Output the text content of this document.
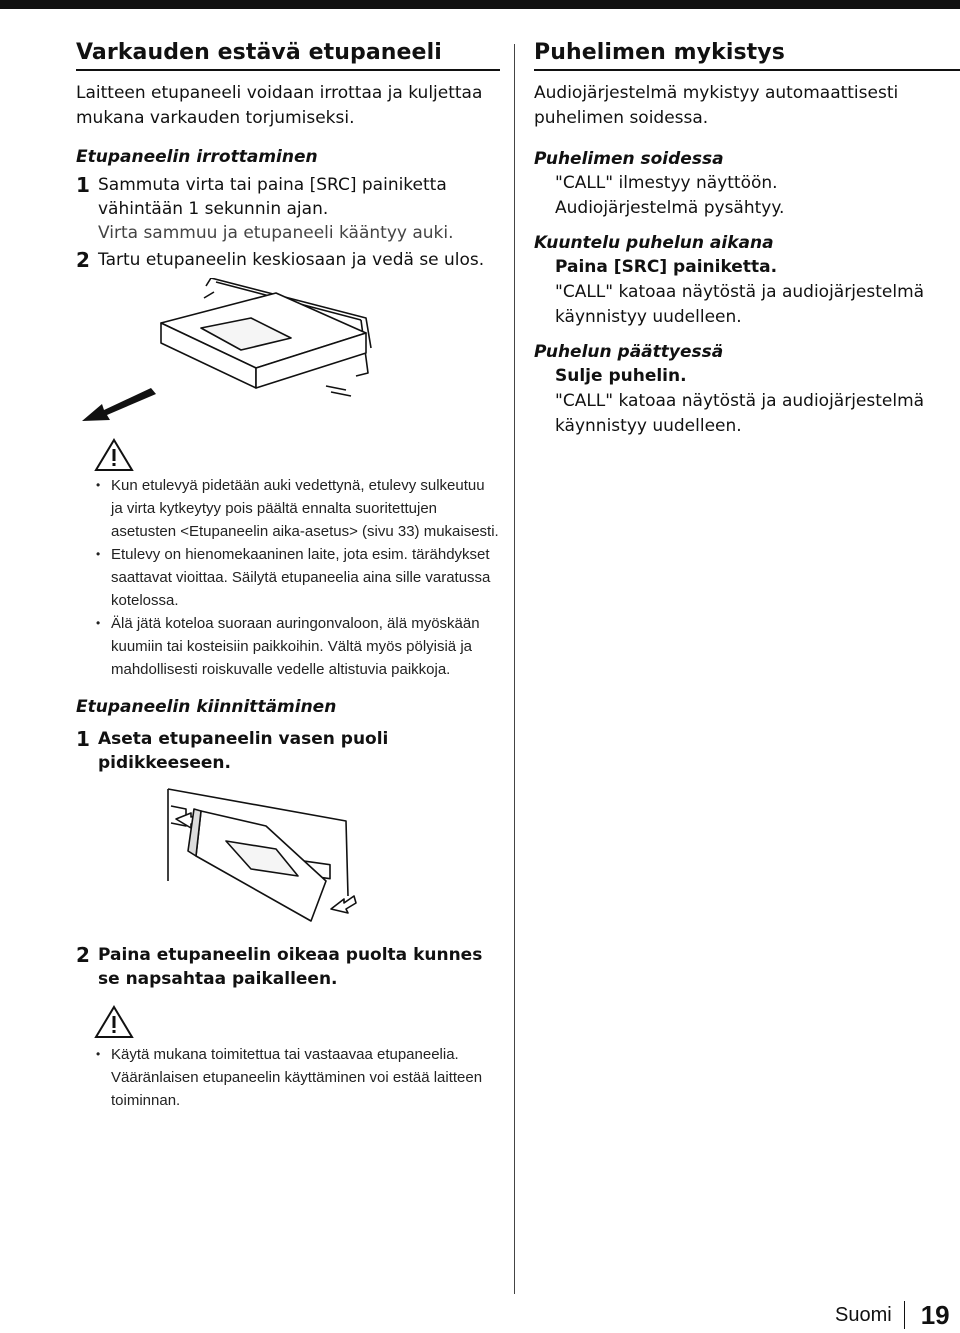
Varkauden estävä etupaneeli

Laitteen etupaneeli voidaan irrottaa ja kuljettaa mukana varkauden torjumiseksi.

Etupaneelin irrottaminen
1 Sammuta virta tai paina [SRC] painiketta vähintään 1 sekunnin ajan.
Virta sammuu ja etupaneeli kääntyy auki.
2 Tartu etupaneelin keskiosaan ja vedä se ulos.

• Kun etulevyä pidetään auki vedettynä, etulevy sulkeutuu ja virta kytkeytyy pois päältä ennalta suoritettujen asetusten <Etupaneelin aika-asetus> (sivu 33) mukaisesti.

• Etulevy on hienomekaaninen laite, jota esim. tärähdykset saattavat vioittaa. Säilytä etupaneelia aina sille varatussa kotelossa.

• Älä jätä koteloa suoraan auringonvaloon, älä myöskään kuumiin tai kosteisiin paikkoihin. Vältä myös pölyisiä ja mahdollisesti roiskuvalle vedelle altistuvia paikkoja.

Etupaneelin kiinnittäminen
1 Aseta etupaneelin vasen puoli pidikkeeseen.
2 Paina etupaneelin oikeaa puolta kunnes se napsahtaa paikalleen.

• Käytä mukana toimitettua tai vastaavaa etupaneelia. Vääränlaisen etupaneelin käyttäminen voi estää laitteen toiminnan.

Puhelimen mykistys

Audiojärjestelmä mykistyy automaattisesti puhelimen soidessa.

Puhelimen soidessa
"CALL" ilmestyy näyttöön.
Audiojärjestelmä pysähtyy.
Kuuntelu puhelun aikana
Paina [SRC] painiketta.
"CALL" katoaa näytöstä ja audiojärjestelmä käynnistyy uudelleen.
Puhelun päättyessä
Sulje puhelin.
"CALL" katoaa näytöstä ja audiojärjestelmä käynnistyy uudelleen.
Suomi	19
